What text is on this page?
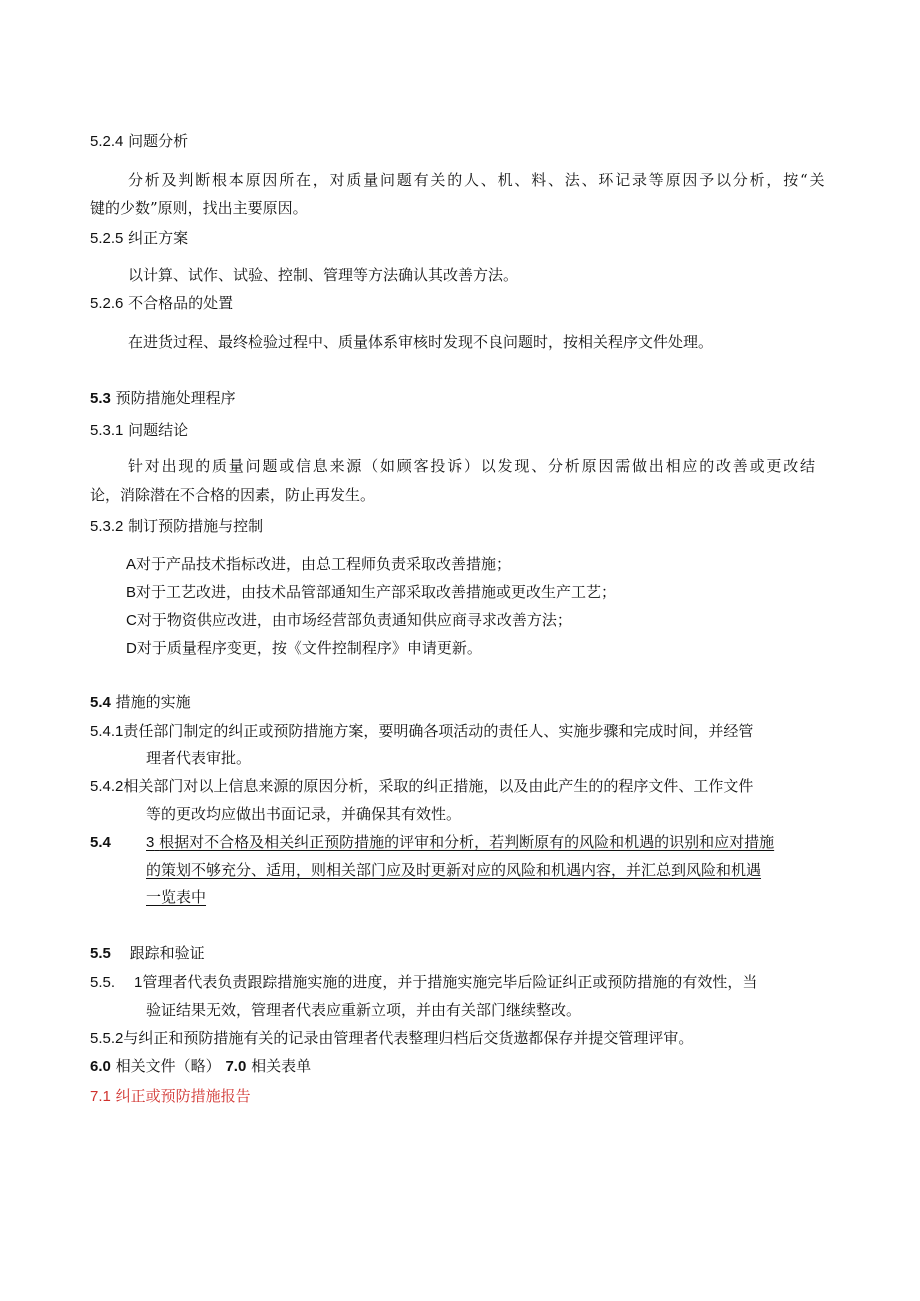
5.2.4 问题分析
分析及判断根本原因所在，对质量问题有关的人、机、料、法、环记录等原因予以分析，按“关
键的少数”原则，找出主要原因。
5.2.5 纠正方案
以计算、试作、试验、控制、管理等方法确认其改善方法。
5.2.6 不合格品的处置
在进货过程、最终检验过程中、质量体系审核时发现不良问题时，按相关程序文件处理。
5.3 预防措施处理程序
5.3.1 问题结论
针对出现的质量问题或信息来源（如顾客投诉）以发现、分析原因需做出相应的改善或更改结
论，消除潜在不合格的因素，防止再发生。
5.3.2 制订预防措施与控制
A对于产品技术指标改进，由总工程师负责采取改善措施；
B对于工艺改进，由技术品管部通知生产部采取改善措施或更改生产工艺；
C对于物资供应改进，由市场经营部负责通知供应商寻求改善方法；
D对于质量程序变更，按《文件控制程序》申请更新。
5.4 措施的实施
5.4.1责任部门制定的纠正或预防措施方案，要明确各项活动的责任人、实施步骤和完成时间，并经管
理者代表审批。
5.4.2相关部门对以上信息来源的原因分析，采取的纠正措施，以及由此产生的的程序文件、工作文件
等的更改均应做出书面记录，并确保其有效性。
5.4 3 根据对不合格及相关纠正预防措施的评审和分析，若判断原有的风险和机遇的识别和应对措施
的策划不够充分、适用，则相关部门应及时更新对应的风险和机遇内容，并汇总到风险和机遇
一览表中
5.5 跟踪和验证
5.5. 1管理者代表负责跟踪措施实施的进度，并于措施实施完毕后险证纠正或预防措施的有效性，当
验证结果无效，管理者代表应重新立项，并由有关部门继续整改。
5.5.2与纠正和预防措施有关的记录由管理者代表整理归档后交货遨都保存并提交管理评审。
6.0 相关文件（略） 7.0 相关表单
7.1 纠正或预防措施报告
